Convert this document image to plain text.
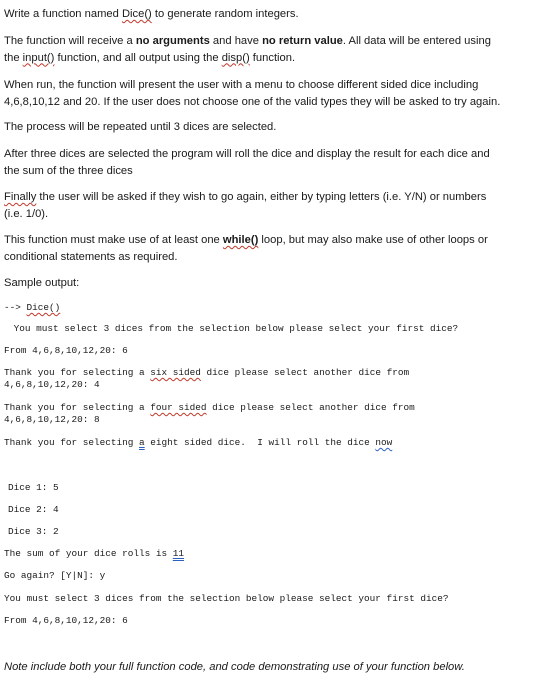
Write a function named Dice() to generate random integers.

The function will receive a no arguments and have no return value. All data will be entered using
the input() function, and all output using the disp() function.

When run, the function will present the user with a menu to choose different sided dice including
4,6,8,10,12 and 20. If the user does not choose one of the valid types they will be asked to try again.

The process will be repeated until 3 dices are selected.

After three dices are selected the program will roll the dice and display the result for each dice and
the sum of the three dices

Finally the user will be asked if they wish to go again, either by typing letters (i.e. Y/N) or numbers
(i.e. 1/0).

This function must make use of at least one while() loop, but may also make use of other loops or
conditional statements as required.

Sample output:

--> Dice()

You must select 3 dices from the selection below please select your first dice?

From 4,6,8,10,12,20: 6

Thank you for selecting a six sided dice please select another dice from
4,6,8,10,12,20: 4

Thank you for selecting a four sided dice please select another dice from
4,6,8,10,12,20: 8

Thank you for selecting a eight sided dice.  I will roll the dice now

Dice 1: 5

Dice 2: 4

Dice 3: 2

The sum of your dice rolls is 11

Go again? [Y|N]: y

You must select 3 dices from the selection below please select your first dice?

From 4,6,8,10,12,20: 6

Note include both your full function code, and code demonstrating use of your function below.
